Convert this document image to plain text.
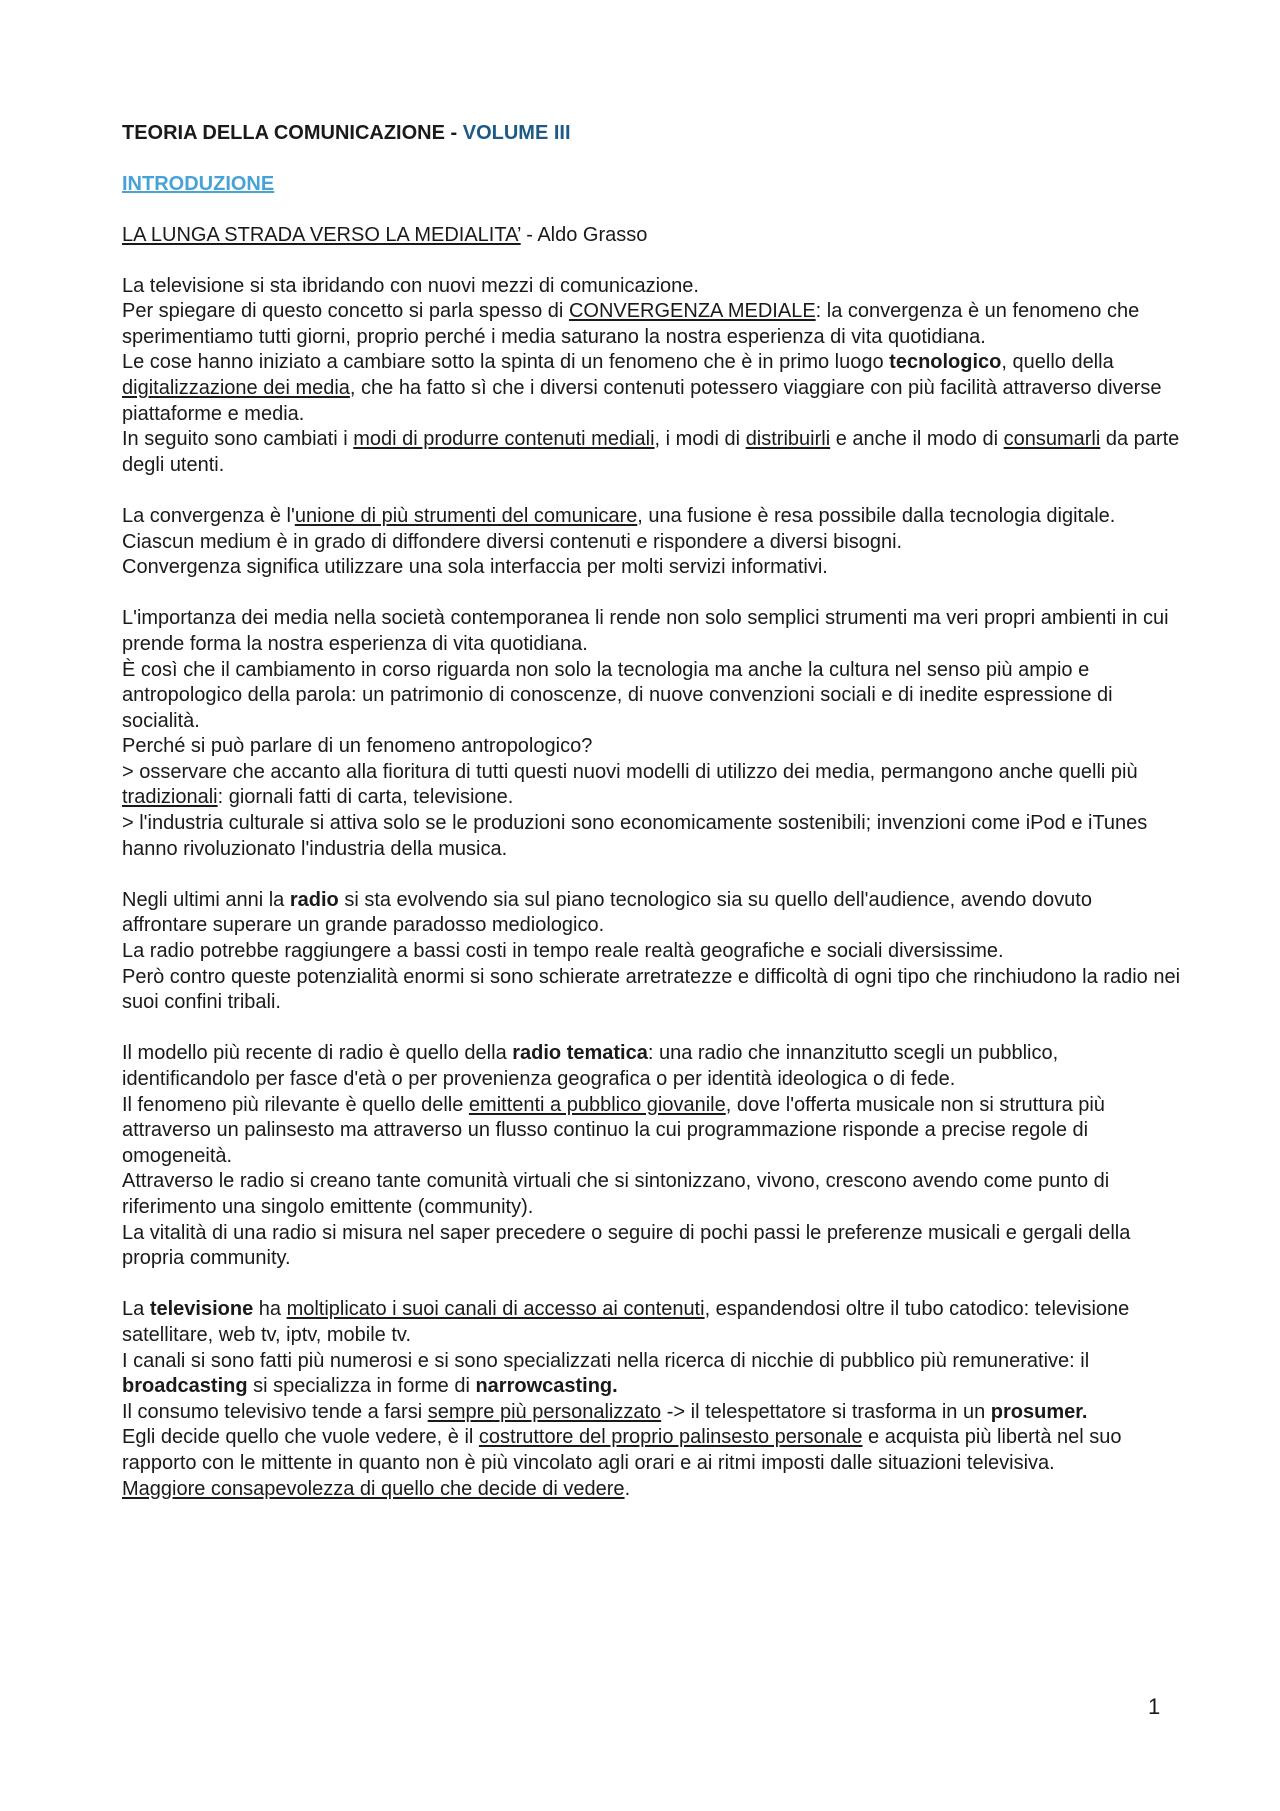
TEORIA DELLA COMUNICAZIONE - VOLUME III

INTRODUZIONE

LA LUNGA STRADA VERSO LA MEDIALITA’ - Aldo Grasso

La televisione si sta ibridando con nuovi mezzi di comunicazione.

Per spiegare di questo concetto si parla spesso di CONVERGENZA MEDIALE: la convergenza è un fenomeno che sperimentiamo tutti giorni, proprio perché i media saturano la nostra esperienza di vita quotidiana.

Le cose hanno iniziato a cambiare sotto la spinta di un fenomeno che è in primo luogo tecnologico, quello della digitalizzazione dei media, che ha fatto sì che i diversi contenuti potessero viaggiare con più facilità attraverso diverse piattaforme e media.

In seguito sono cambiati i modi di produrre contenuti mediali, i modi di distribuirli e anche il modo di consumarli da parte degli utenti.

La convergenza è l'unione di più strumenti del comunicare, una fusione è resa possibile dalla tecnologia digitale.

Ciascun medium è in grado di diffondere diversi contenuti e rispondere a diversi bisogni.

Convergenza significa utilizzare una sola interfaccia per molti servizi informativi.

L'importanza dei media nella società contemporanea li rende non solo semplici strumenti ma veri propri ambienti in cui prende forma la nostra esperienza di vita quotidiana.

È così che il cambiamento in corso riguarda non solo la tecnologia ma anche la cultura nel senso più ampio e antropologico della parola: un patrimonio di conoscenze, di nuove convenzioni sociali e di inedite espressione di socialità.

Perché si può parlare di un fenomeno antropologico?

> osservare che accanto alla fioritura di tutti questi nuovi modelli di utilizzo dei media, permangono anche quelli più tradizionali: giornali fatti di carta, televisione.

> l'industria culturale si attiva solo se le produzioni sono economicamente sostenibili; invenzioni come iPod e iTunes hanno rivoluzionato l'industria della musica.

Negli ultimi anni la radio si sta evolvendo sia sul piano tecnologico sia su quello dell'audience, avendo dovuto affrontare superare un grande paradosso mediologico.

La radio potrebbe raggiungere a bassi costi in tempo reale realtà geografiche e sociali diversissime.

Però contro queste potenzialità enormi si sono schierate arretratezze e difficoltà di ogni tipo che rinchiudono la radio nei suoi confini tribali.

Il modello più recente di radio è quello della radio tematica: una radio che innanzitutto scegli un pubblico, identificandolo per fasce d'età o per provenienza geografica o per identità ideologica o di fede.

Il fenomeno più rilevante è quello delle emittenti a pubblico giovanile, dove l'offerta musicale non si struttura più attraverso un palinsesto ma attraverso un flusso continuo la cui programmazione risponde a precise regole di omogeneità.

Attraverso le radio si creano tante comunità virtuali che si sintonizzano, vivono, crescono avendo come punto di riferimento una singolo emittente (community).

La vitalità di una radio si misura nel saper precedere o seguire di pochi passi le preferenze musicali e gergali della propria community.

La televisione ha moltiplicato i suoi canali di accesso ai contenuti, espandendosi oltre il tubo catodico: televisione satellitare, web tv, iptv, mobile tv.

I canali si sono fatti più numerosi e si sono specializzati nella ricerca di nicchie di pubblico più remunerative: il broadcasting si specializza in forme di narrowcasting.

Il consumo televisivo tende a farsi sempre più personalizzato -> il telespettatore si trasforma in un prosumer.

Egli decide quello che vuole vedere, è il costruttore del proprio palinsesto personale e acquista più libertà nel suo rapporto con le mittente in quanto non è più vincolato agli orari e ai ritmi imposti dalle situazioni televisiva.

Maggiore consapevolezza di quello che decide di vedere.

1
